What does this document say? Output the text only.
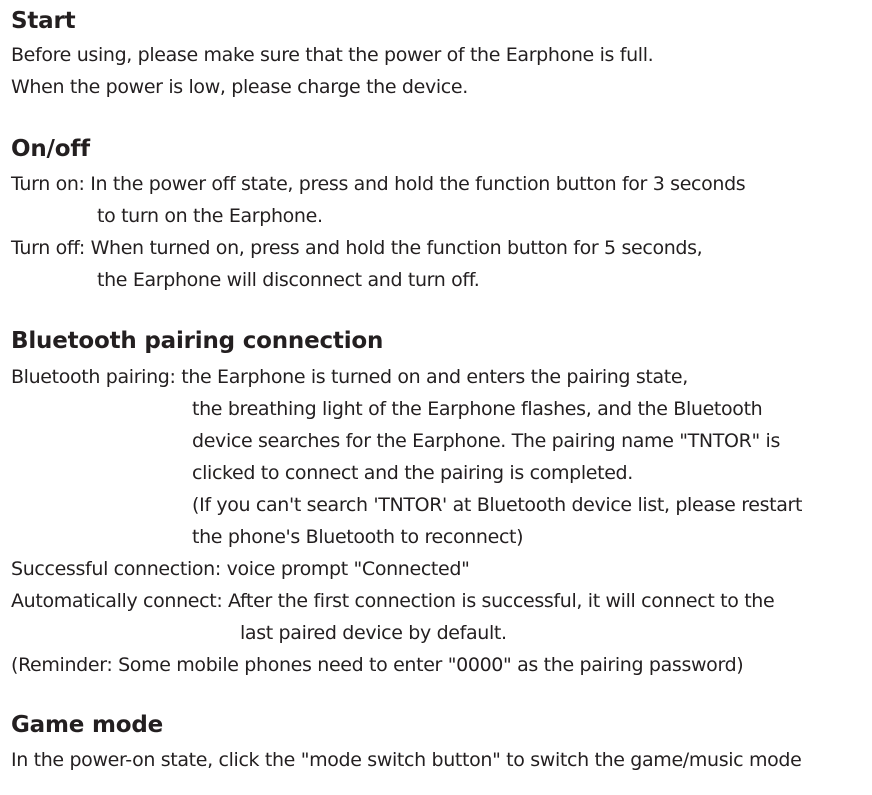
Start
Before using, please make sure that the power of the Earphone is full.
When the power is low, please charge the device.
On/off
Turn on: In the power off state, press and hold the function button for 3 seconds
to turn on the Earphone.
Turn off: When turned on, press and hold the function button for 5 seconds,
the Earphone will disconnect and turn off.
Bluetooth pairing connection
Bluetooth pairing: the Earphone is turned on and enters the pairing state,
the breathing light of the Earphone flashes, and the Bluetooth
device searches for the Earphone. The pairing name "TNTOR" is
clicked to connect and the pairing is completed.
(If you can't search 'TNTOR' at Bluetooth device list, please restart
the phone's Bluetooth to reconnect)
Successful connection: voice prompt "Connected"
Automatically connect: After the first connection is successful, it will connect to the
last paired device by default.
(Reminder: Some mobile phones need to enter "0000" as the pairing password)
Game mode
In the power-on state, click the "mode switch button" to switch the game/music mode
